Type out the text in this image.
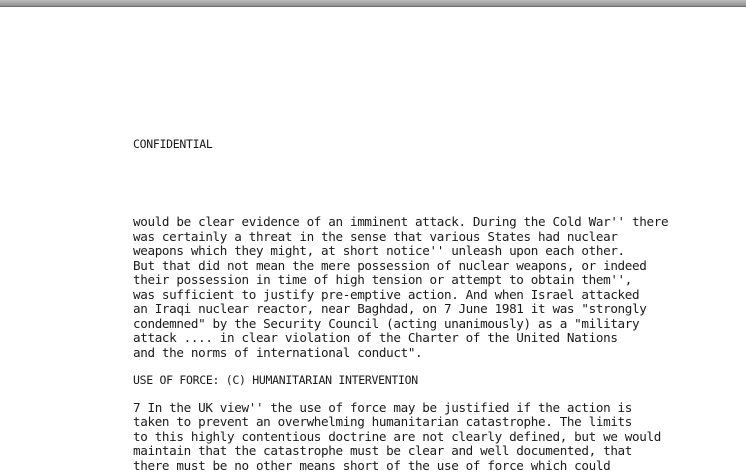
CONFIDENTIAL
would be clear evidence of an imminent attack. During the Cold War'' there
was certainly a threat in the sense that various States had nuclear
weapons which they might, at short notice'' unleash upon each other.
But that did not mean the mere possession of nuclear weapons, or indeed
their possession in time of high tension or attempt to obtain them'',
was sufficient to justify pre-emptive action. And when Israel attacked
an Iraqi nuclear reactor, near Baghdad, on 7 June 1981 it was "strongly
condemned" by the Security Council (acting unanimously) as a "military
attack .... in clear violation of the Charter of the United Nations
and the norms of international conduct".
USE OF FORCE: (C) HUMANITARIAN INTERVENTION
7 In the UK view'' the use of force may be justified if the action is
taken to prevent an overwhelming humanitarian catastrophe. The limits
to this highly contentious doctrine are not clearly defined, but we would
maintain that the catastrophe must be clear and well documented, that
there must be no other means short of the use of force which could
